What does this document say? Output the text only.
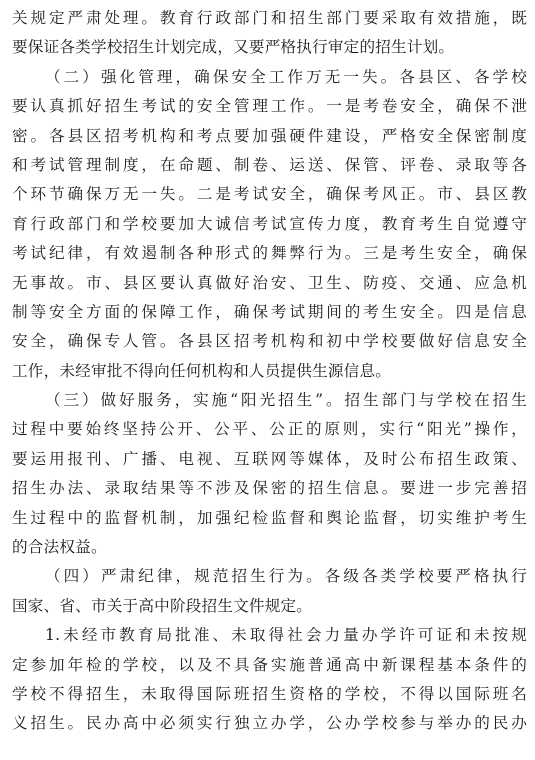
关规定严肃处理。教育行政部门和招生部门要采取有效措施，既
要保证各类学校招生计划完成，又要严格执行审定的招生计划。
（二）强化管理，确保安全工作万无一失。各县区、各学校
要认真抓好招生考试的安全管理工作。一是考卷安全，确保不泄
密。各县区招考机构和考点要加强硬件建设，严格安全保密制度
和考试管理制度，在命题、制卷、运送、保管、评卷、录取等各
个环节确保万无一失。二是考试安全，确保考风正。市、县区教
育行政部门和学校要加大诚信考试宣传力度，教育考生自觉遵守
考试纪律，有效遏制各种形式的舞弊行为。三是考生安全，确保
无事故。市、县区要认真做好治安、卫生、防疫、交通、应急机
制等安全方面的保障工作，确保考试期间的考生安全。四是信息
安全，确保专人管。各县区招考机构和初中学校要做好信息安全
工作，未经审批不得向任何机构和人员提供生源信息。
（三）做好服务，实施“阳光招生”。招生部门与学校在招生
过程中要始终坚持公开、公平、公正的原则，实行“阳光”操作，
要运用报刊、广播、电视、互联网等媒体，及时公布招生政策、
招生办法、录取结果等不涉及保密的招生信息。要进一步完善招
生过程中的监督机制，加强纪检监督和舆论监督，切实维护考生
的合法权益。
（四）严肃纪律，规范招生行为。各级各类学校要严格执行
国家、省、市关于高中阶段招生文件规定。
1.未经市教育局批准、未取得社会力量办学许可证和未按规
定参加年检的学校，以及不具备实施普通高中新课程基本条件的
学校不得招生，未取得国际班招生资格的学校，不得以国际班名
义招生。民办高中必须实行独立办学，公办学校参与举办的民办
